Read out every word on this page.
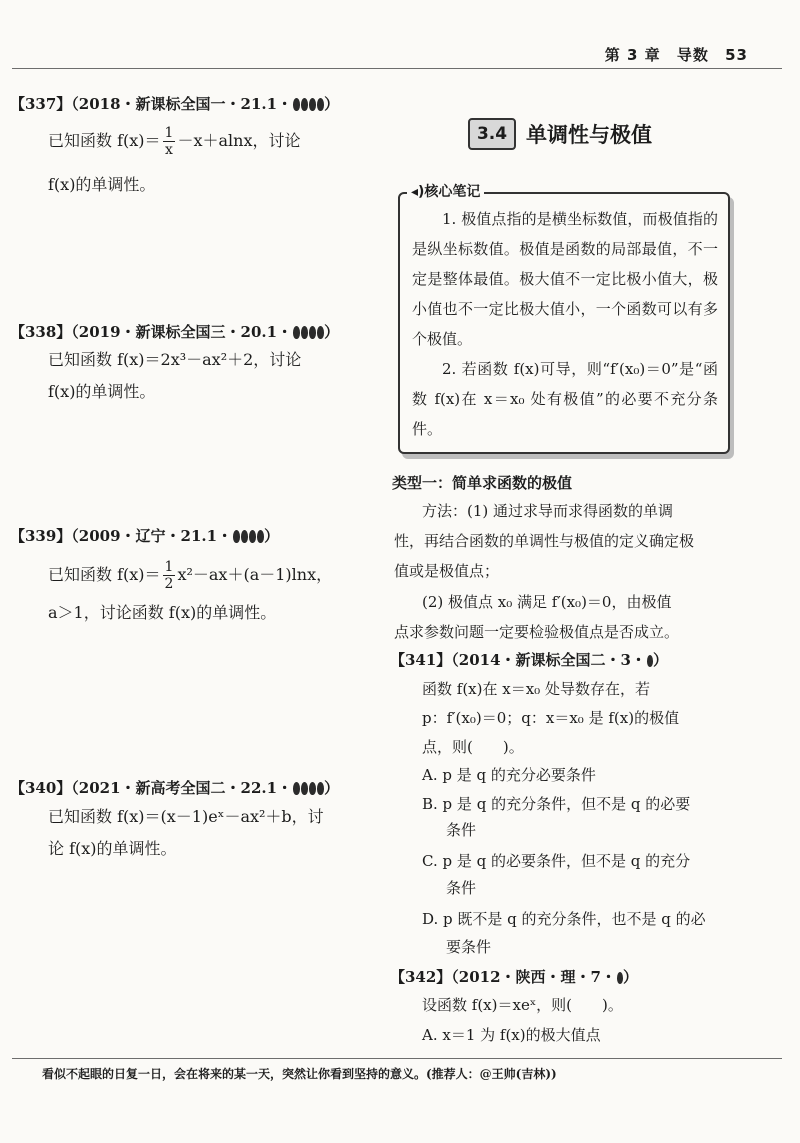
第 3 章 导数 53
【337】（2018・新课标全国一・21.1・ ）
已知函数 $f(x)= \frac{1}{x} -x+alnx$，讨论
f(x)的单调性。
【338】（2019・新课标全国三・20.1・ ）
已知函数 f(x)＝2x³－ax²＋2，讨论
f(x)的单调性。
【339】（2009・辽宁・21.1・ ）
已知函数 $f(x)= \frac{1}{2} x^2-ax+(a-1)\ln x$，
a＞1，讨论函数 f(x)的单调性。
【340】（2021・新高考全国二・22.1・ ）
已知函数 f(x)＝(x－1)eˣ－ax²＋b，讨
论 f(x)的单调性。
3.4 单调性与极值
◂)核心笔记
1. 极值点指的是横坐标数值，而极值指的是纵坐标数值。极值是函数的局部最值，不一定是整体最值。极大值不一定比极小值大，极小值也不一定比极大值小，一个函数可以有多个极值。
2. 若函数 f(x)可导，则“f′(x₀)＝0”是“函数 f(x)在 x＝x₀ 处有极值”的必要不充分条件。
类型一：简单求函数的极值
方法：(1) 通过求导而求得函数的单调
性，再结合函数的单调性与极值的定义确定极
值或是极值点；
(2) 极值点 x₀ 满足 f′(x₀)＝0，由极值
点求参数问题一定要检验极值点是否成立。
【341】（2014・新课标全国二・3・ ）
函数 f(x)在 x＝x₀ 处导数存在，若
p：f′(x₀)＝0；q：x＝x₀ 是 f(x)的极值
点，则(　　)。
A. p 是 q 的充分必要条件
B. p 是 q 的充分条件，但不是 q 的必要
条件
C. p 是 q 的必要条件，但不是 q 的充分
条件
D. p 既不是 q 的充分条件，也不是 q 的必
要条件
【342】（2012・陕西・理・7・ ）
设函数 f(x)＝xeˣ，则(　　)。
A. x＝1 为 f(x)的极大值点
看似不起眼的日复一日，会在将来的某一天，突然让你看到坚持的意义。(推荐人：@王帅(吉林))
